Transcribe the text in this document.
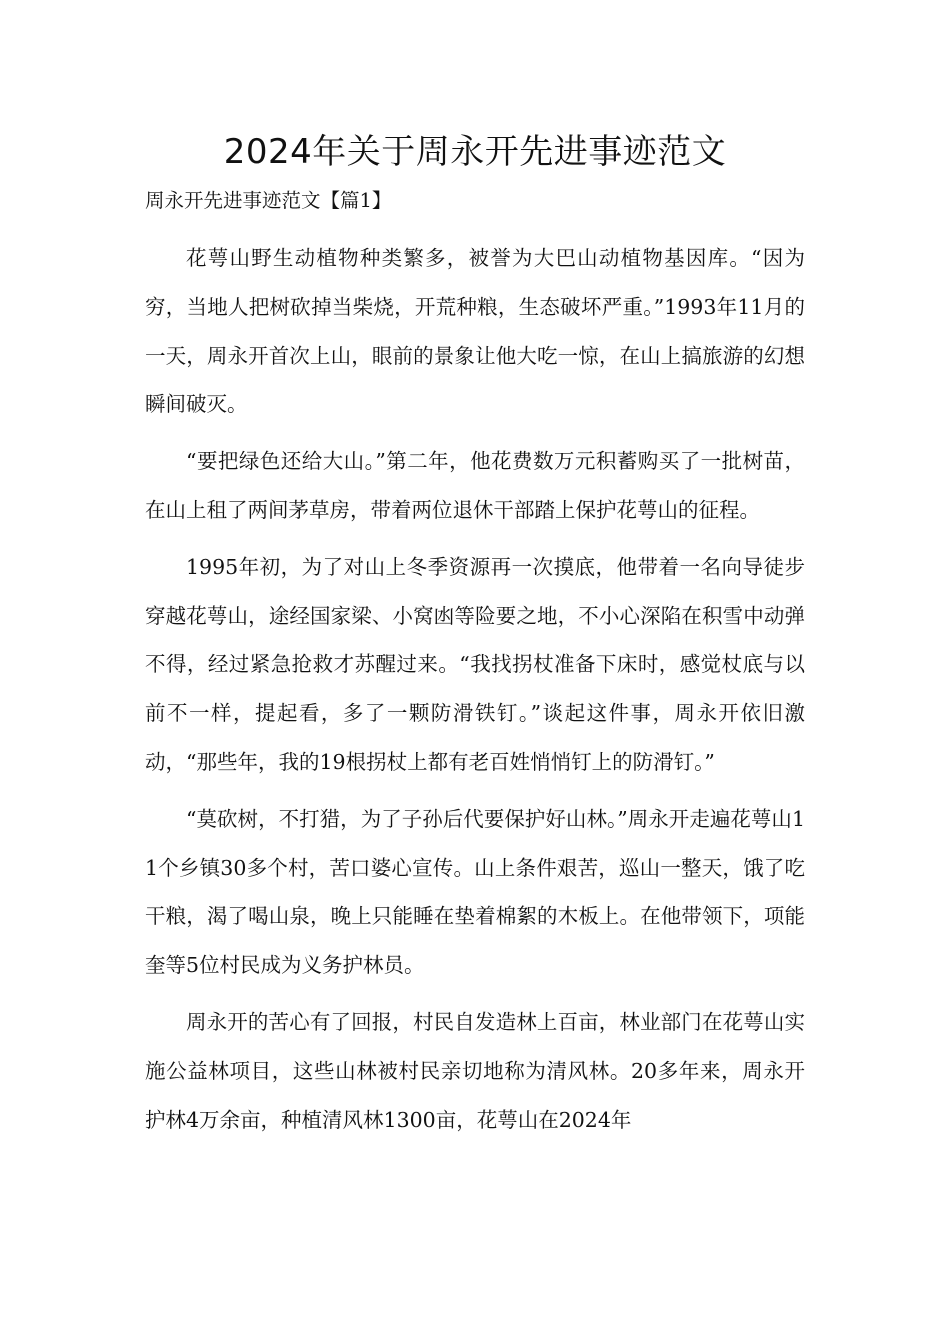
2024年关于周永开先进事迹范文
周永开先进事迹范文【篇1】

花萼山野生动植物种类繁多，被誉为大巴山动植物基因库。“因为穷，当地人把树砍掉当柴烧，开荒种粮，生态破坏严重。”1993年11月的一天，周永开首次上山，眼前的景象让他大吃一惊，在山上搞旅游的幻想瞬间破灭。

“要把绿色还给大山。”第二年，他花费数万元积蓄购买了一批树苗，在山上租了两间茅草房，带着两位退休干部踏上保护花萼山的征程。

1995年初，为了对山上冬季资源再一次摸底，他带着一名向导徒步穿越花萼山，途经国家梁、小窝凼等险要之地，不小心深陷在积雪中动弹不得，经过紧急抢救才苏醒过来。“我找拐杖准备下床时，感觉杖底与以前不一样，提起看，多了一颗防滑铁钉。”谈起这件事，周永开依旧激动，“那些年，我的19根拐杖上都有老百姓悄悄钉上的防滑钉。”

“莫砍树，不打猎，为了子孙后代要保护好山林。”周永开走遍花萼山11个乡镇30多个村，苦口婆心宣传。山上条件艰苦，巡山一整天，饿了吃干粮，渴了喝山泉，晚上只能睡在垫着棉絮的木板上。在他带领下，项能奎等5位村民成为义务护林员。

周永开的苦心有了回报，村民自发造林上百亩，林业部门在花萼山实施公益林项目，这些山林被村民亲切地称为清风林。20多年来，周永开护林4万余亩，种植清风林1300亩，花萼山在2024年
